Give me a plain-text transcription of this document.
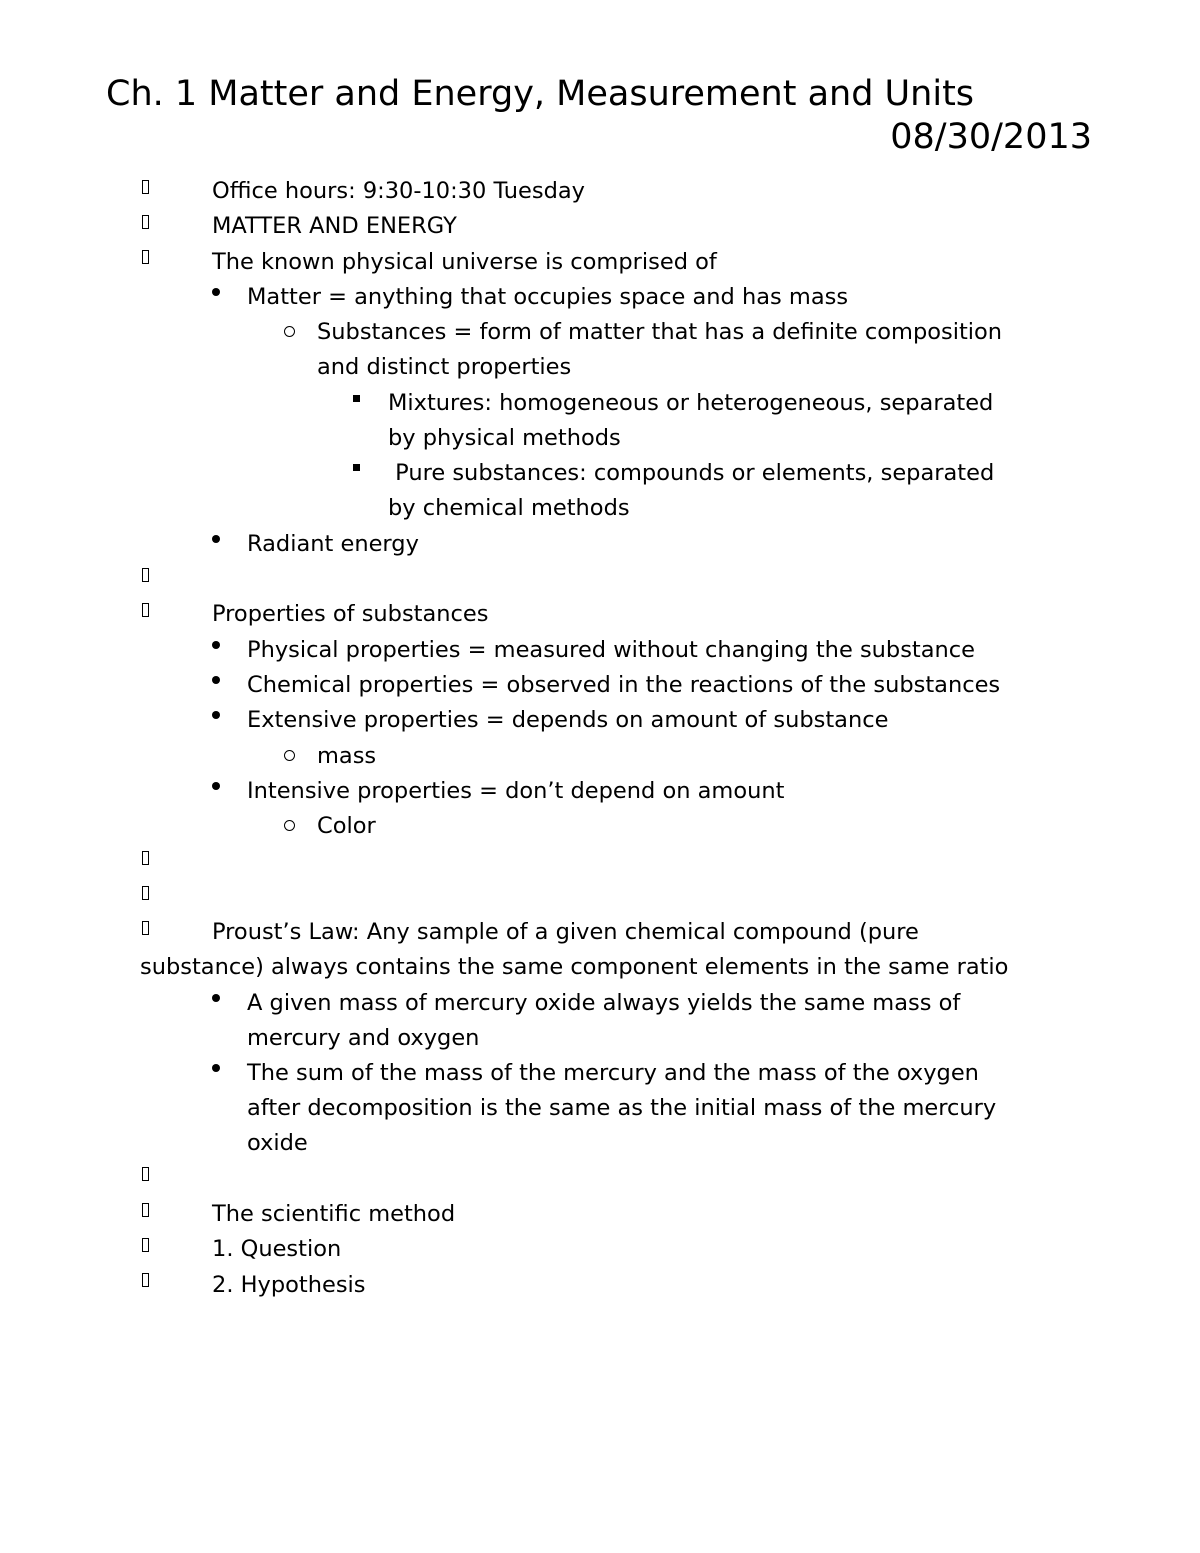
Ch. 1 Matter and Energy, Measurement and Units
08/30/2013
Office hours: 9:30-10:30 Tuesday
MATTER AND ENERGY
The known physical universe is comprised of
Matter = anything that occupies space and has mass
Substances = form of matter that has a definite composition
and distinct properties
Mixtures: homogeneous or heterogeneous, separated
by physical methods
Pure substances: compounds or elements, separated
by chemical methods
Radiant energy
Properties of substances
Physical properties = measured without changing the substance
Chemical properties = observed in the reactions of the substances
Extensive properties = depends on amount of substance
mass
Intensive properties = don’t depend on amount
Color
Proust’s Law: Any sample of a given chemical compound (pure
substance) always contains the same component elements in the same ratio
A given mass of mercury oxide always yields the same mass of
mercury and oxygen
The sum of the mass of the mercury and the mass of the oxygen
after decomposition is the same as the initial mass of the mercury
oxide
The scientific method
1. Question
2. Hypothesis
